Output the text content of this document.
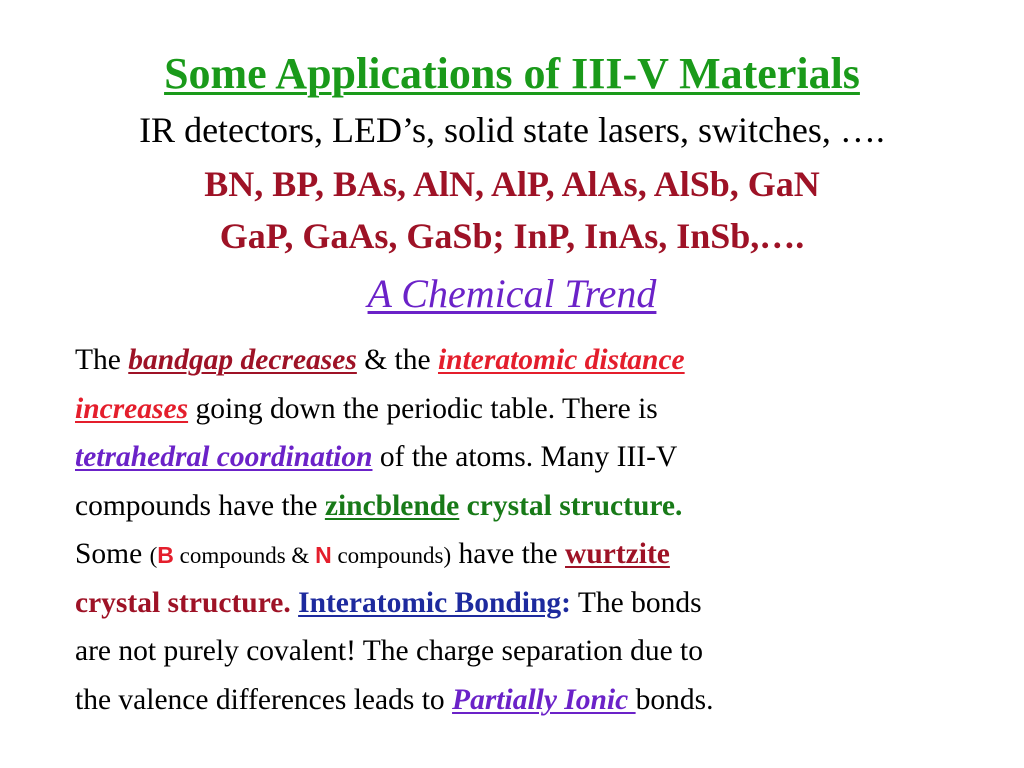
Some Applications of III-V Materials
IR detectors, LED’s, solid state lasers, switches, ….
BN, BP, BAs, AlN, AlP, AlAs, AlSb, GaN
GaP, GaAs, GaSb; InP, InAs, InSb,….
A Chemical Trend
The bandgap decreases & the interatomic distance
increases going down the periodic table. There is
tetrahedral coordination of the atoms. Many III-V
compounds have the zincblende crystal structure.
Some (B compounds & N compounds) have the wurtzite
crystal structure. Interatomic Bonding: The bonds
are not purely covalent! The charge separation due to
the valence differences leads to Partially Ionic bonds.
